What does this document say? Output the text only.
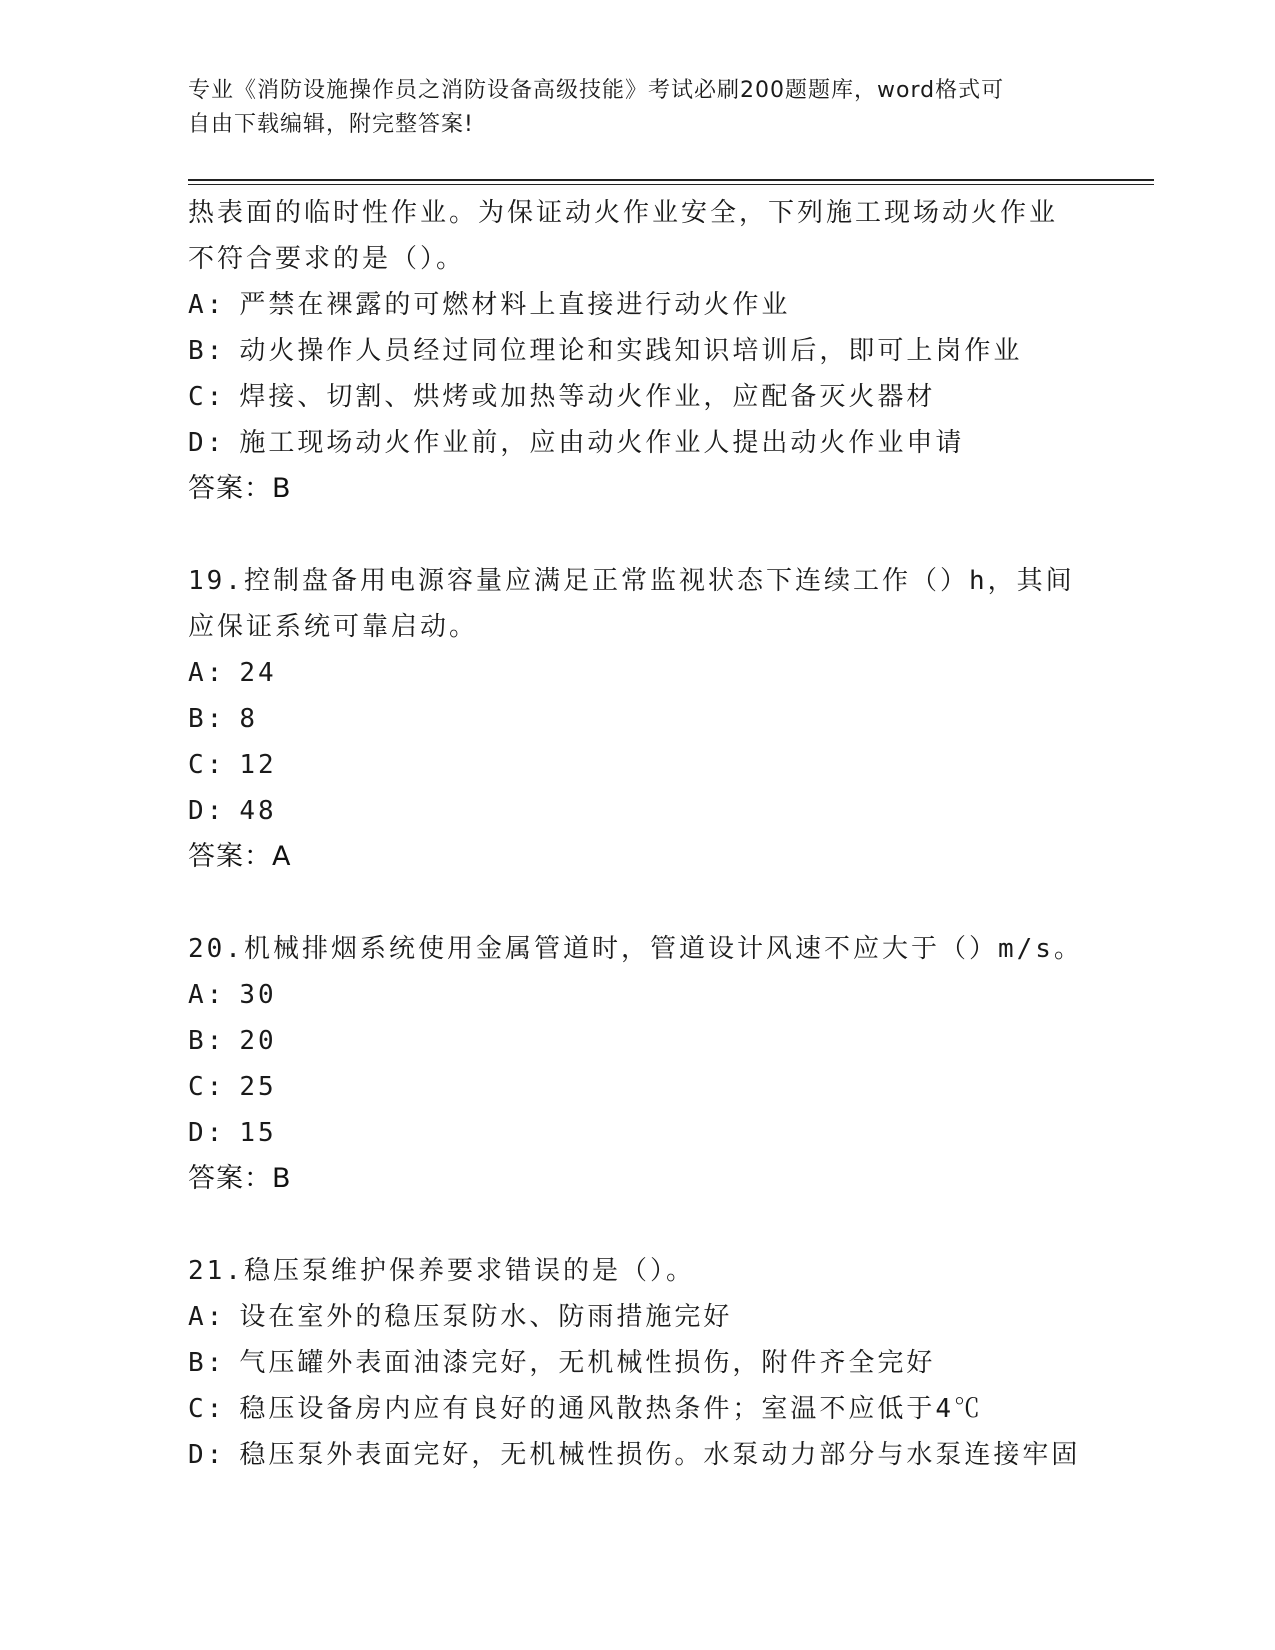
专业《消防设施操作员之消防设备高级技能》考试必刷200题题库，word格式可
自由下载编辑，附完整答案!
热表面的临时性作业。为保证动火作业安全，下列施工现场动火作业
不符合要求的是（）。
A: 严禁在裸露的可燃材料上直接进行动火作业
B: 动火操作人员经过同位理论和实践知识培训后，即可上岗作业
C: 焊接、切割、烘烤或加热等动火作业，应配备灭火器材
D: 施工现场动火作业前，应由动火作业人提出动火作业申请
答案：B
19.控制盘备用电源容量应满足正常监视状态下连续工作（）h，其间
应保证系统可靠启动。
A: 24
B: 8
C: 12
D: 48
答案：A
20.机械排烟系统使用金属管道时，管道设计风速不应大于（）m/s。
A: 30
B: 20
C: 25
D: 15
答案：B
21.稳压泵维护保养要求错误的是（）。
A: 设在室外的稳压泵防水、防雨措施完好
B: 气压罐外表面油漆完好，无机械性损伤，附件齐全完好
C: 稳压设备房内应有良好的通风散热条件；室温不应低于4℃
D: 稳压泵外表面完好，无机械性损伤。水泵动力部分与水泵连接牢固
